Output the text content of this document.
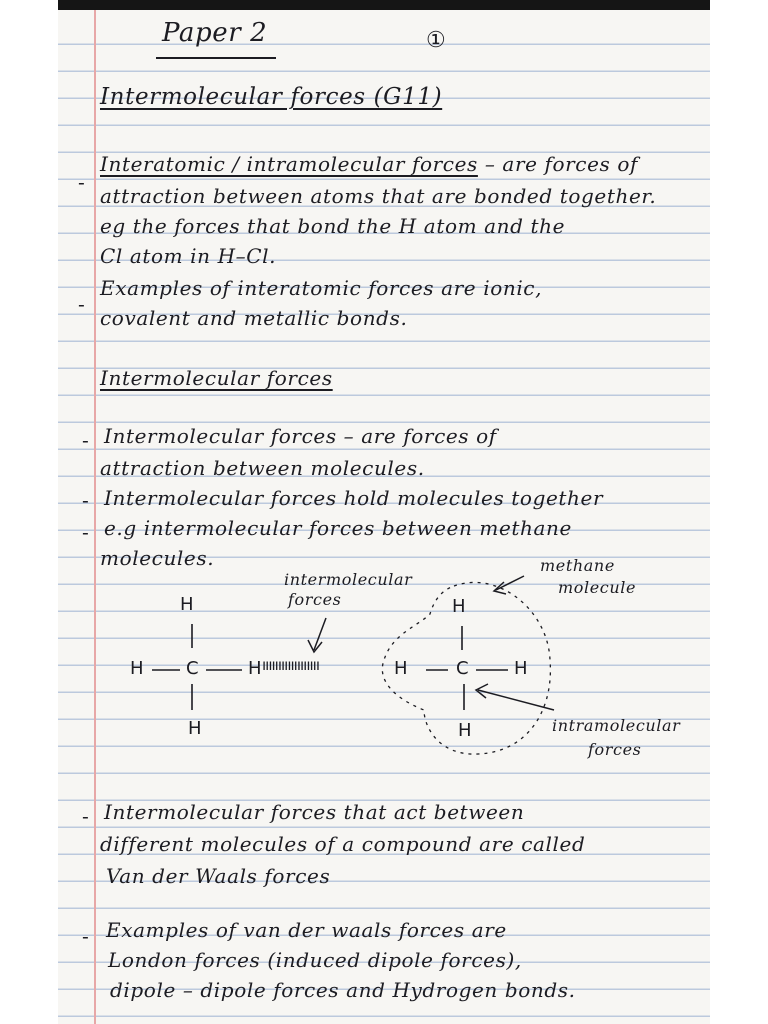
Paper 2	①
Intermolecular forces (G11)
-
Interatomic / intramolecular forces – are forces of
attraction between atoms that are bonded together.
eg the forces that bond the H atom and the
Cl atom in H–Cl.
-
Examples of interatomic forces are ionic,
covalent and metallic bonds.
Intermolecular forces
- Intermolecular forces – are forces of
attraction between molecules.
- Intermolecular forces hold molecules together
- e.g intermolecular forces between methane
molecules.
intermolecular
forces
methane
molecule
intramolecular
forces
H
H C	H
H
ıııııııııııııııııı
H
H	C H
H
- Intermolecular forces that act between
different molecules of a compound are called
Van der Waals forces
- Examples of van der waals forces are
London forces (induced dipole forces),
dipole – dipole forces and Hydrogen bonds.
